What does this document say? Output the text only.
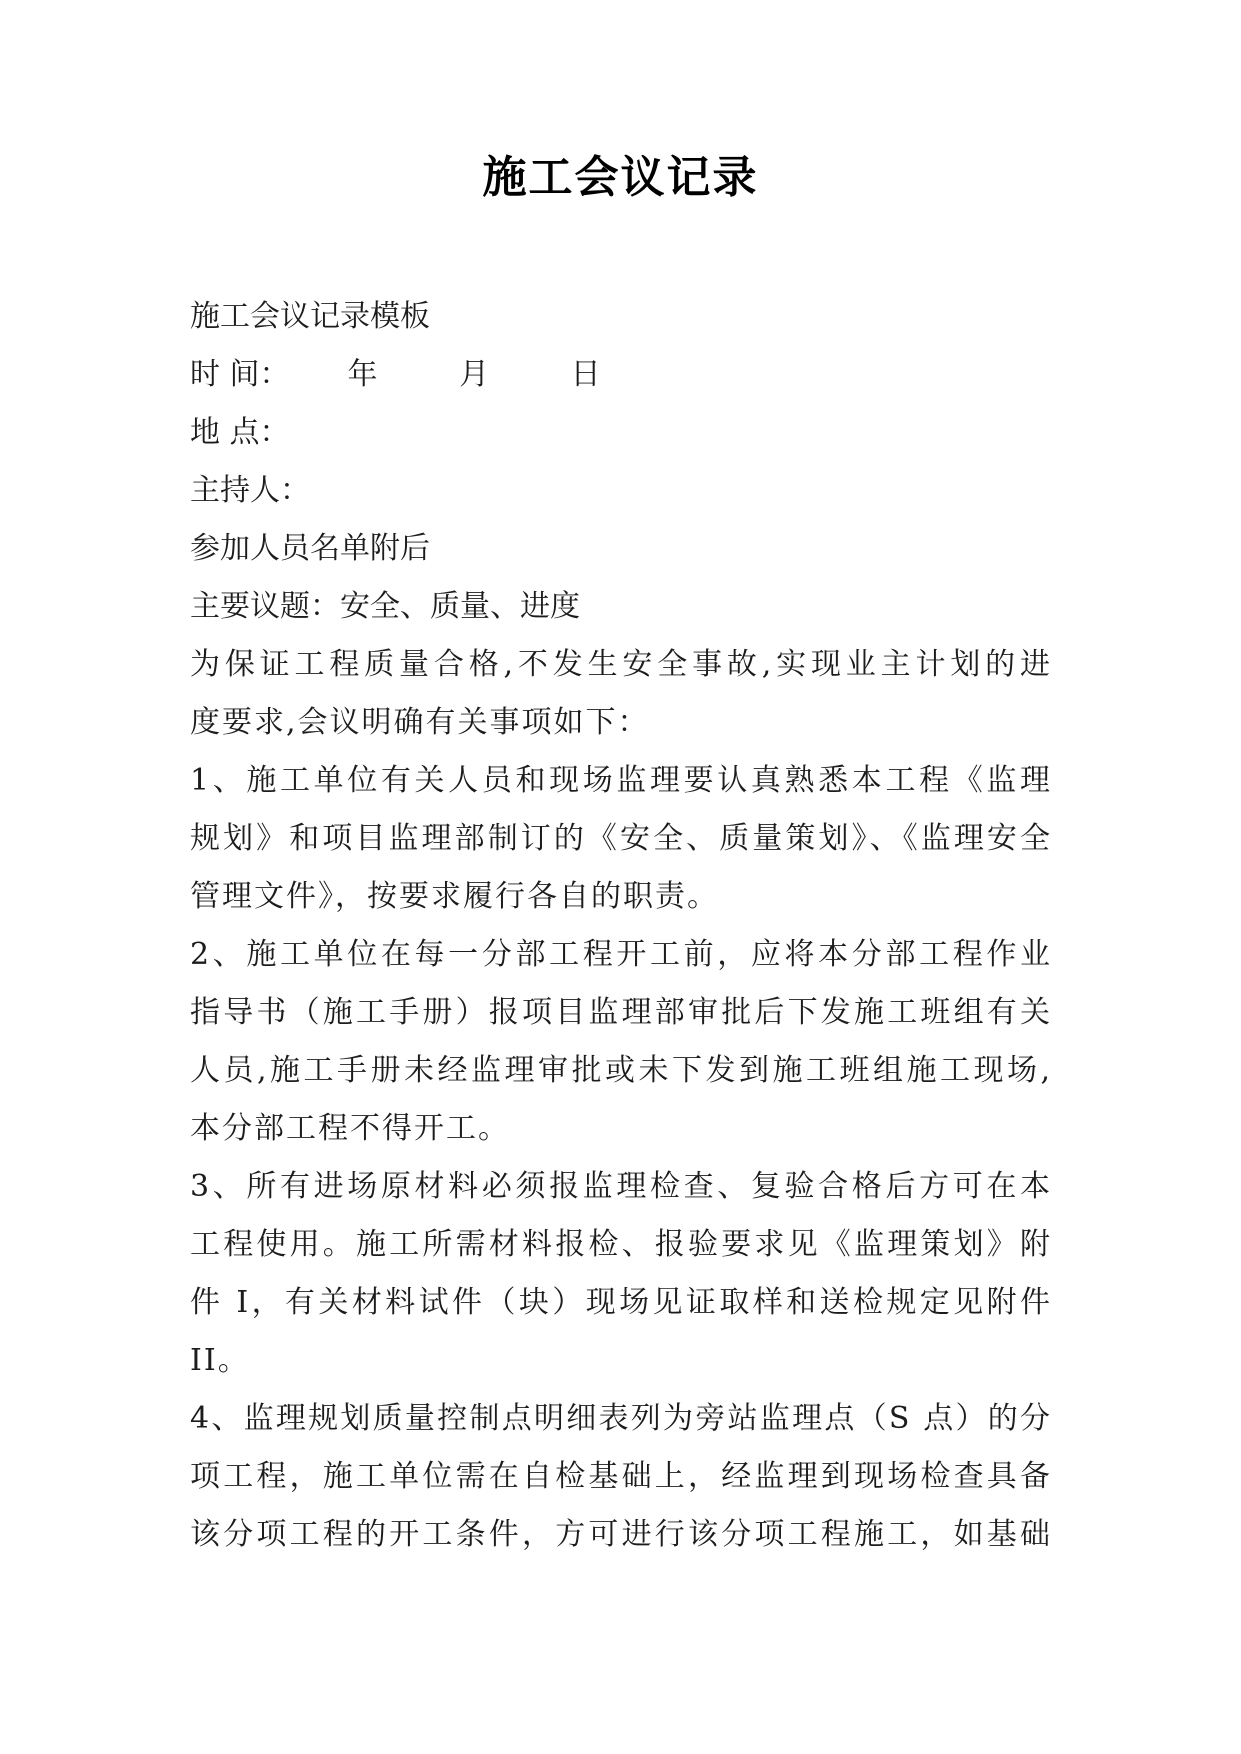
施工会议记录
施工会议记录模板
时 间： 年 月 日
地 点：
主持人：
参加人员名单附后
主要议题：安全、质量、进度
为保证工程质量合格,不发生安全事故,实现业主计划的进
度要求,会议明确有关事项如下：
1、施工单位有关人员和现场监理要认真熟悉本工程《监理
规划》和项目监理部制订的《安全、质量策划》、《监理安全
管理文件》，按要求履行各自的职责。
2、施工单位在每一分部工程开工前，应将本分部工程作业
指导书（施工手册）报项目监理部审批后下发施工班组有关
人员,施工手册未经监理审批或未下发到施工班组施工现场,
本分部工程不得开工。
3、所有进场原材料必须报监理检查、复验合格后方可在本
工程使用。施工所需材料报检、报验要求见《监理策划》附
件 I，有关材料试件（块）现场见证取样和送检规定见附件
II。
4、监理规划质量控制点明细表列为旁站监理点（S 点）的分
项工程，施工单位需在自检基础上，经监理到现场检查具备
该分项工程的开工条件，方可进行该分项工程施工，如基础
